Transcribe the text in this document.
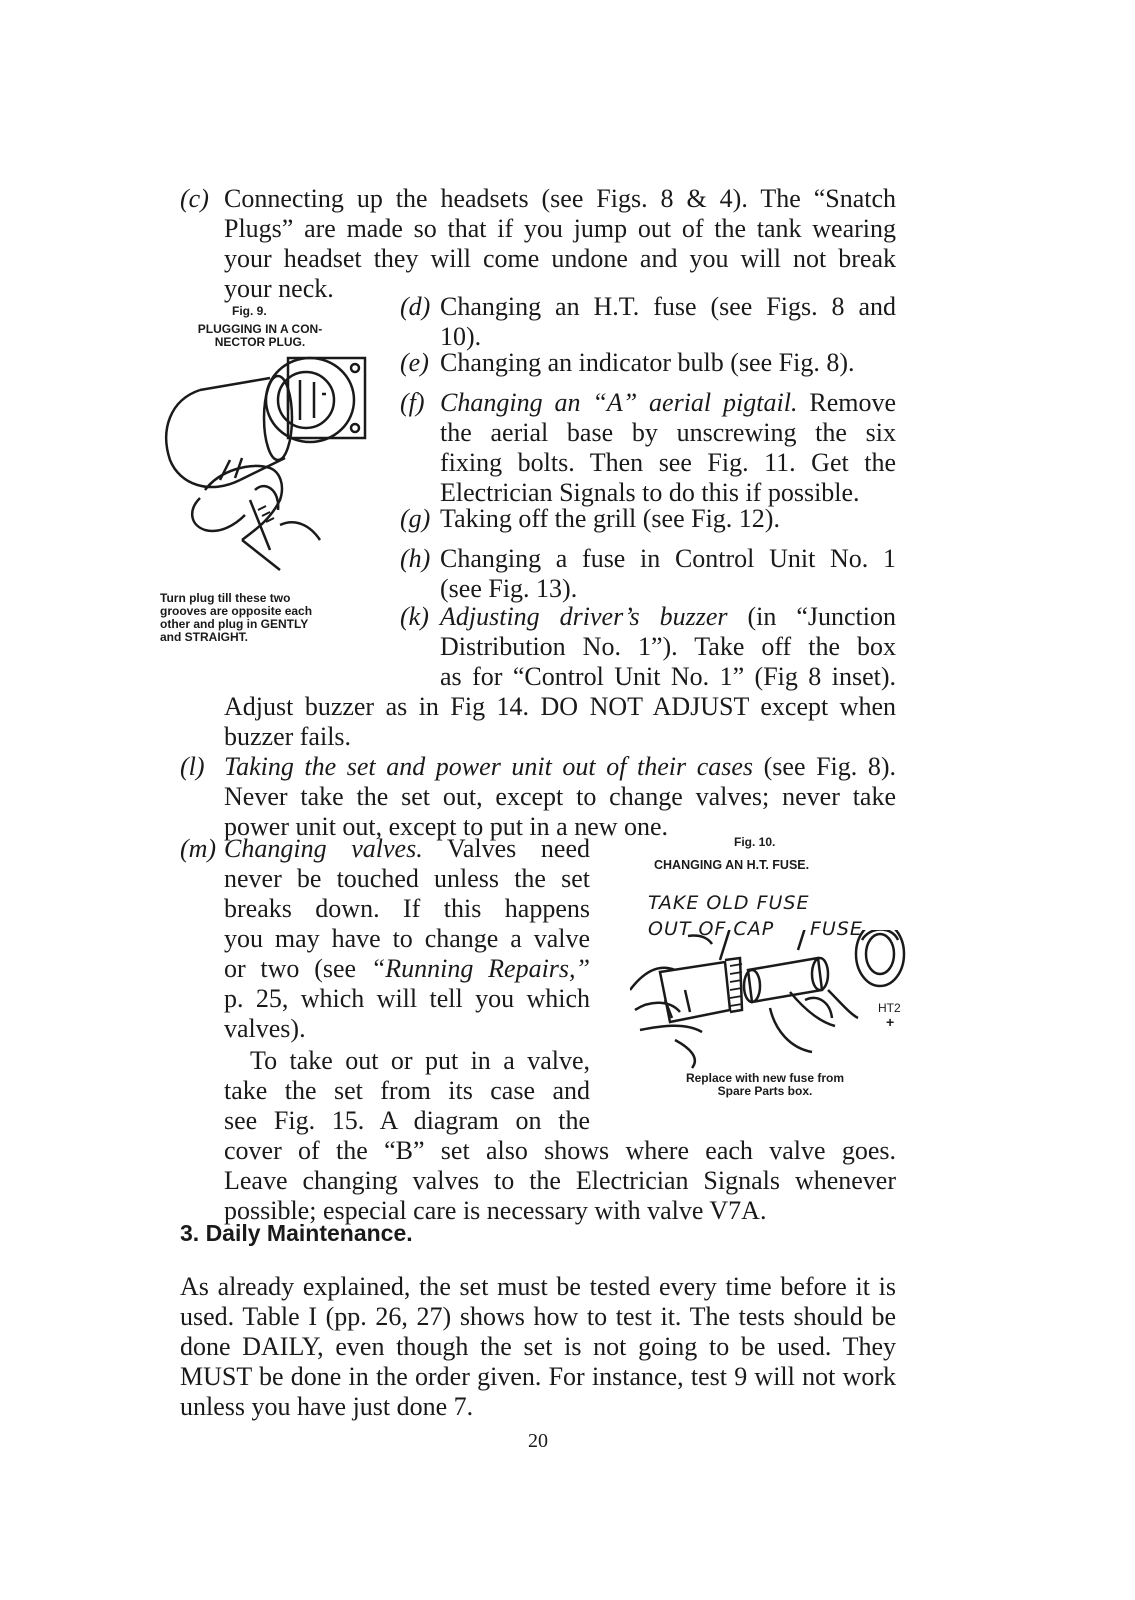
(c) Connecting up the headsets (see Figs. 8 & 4). The “Snatch
Plugs” are made so that if you jump out of the tank wearing
your headset they will come undone and you will not break
your neck.
Fig. 9.
PLUGGING IN A CON-
NECTOR PLUG.
Turn plug till these two
grooves are opposite each
other and plug in GENTLY
and STRAIGHT.
(d) Changing an H.T. fuse (see Figs. 8 and
10).
(e) Changing an indicator bulb (see Fig. 8).
(f) Changing an “A” aerial pigtail. Remove
the aerial base by unscrewing the six
fixing bolts. Then see Fig. 11. Get the
Electrician Signals to do this if possible.
(g) Taking off the grill (see Fig. 12).
(h) Changing a fuse in Control Unit No. 1
(see Fig. 13).
(k) Adjusting driver’s buzzer (in “Junction
Distribution No. 1”). Take off the box
as for “Control Unit No. 1” (Fig 8 inset).
Adjust buzzer as in Fig 14. DO NOT ADJUST except when
buzzer fails.
(l) Taking the set and power unit out of their cases (see Fig. 8).
Never take the set out, except to change valves; never take
power unit out, except to put in a new one.
(m) Changing valves. Valves need
never be touched unless the set
breaks down. If this happens
you may have to change a valve
or two (see “Running Repairs,”
p. 25, which will tell you which
valves).
To take out or put in a valve,
take the set from its case and
see Fig. 15. A diagram on the
cover of the “B” set also shows where each valve goes.
Leave changing valves to the Electrician Signals whenever
possible; especial care is necessary with valve V7A.
Fig. 10.
CHANGING AN H.T. FUSE.
TAKE OLD FUSE
OUT OF CAP FUSE
HT2
+
Replace with new fuse from
Spare Parts box.
3. Daily Maintenance.
As already explained, the set must be tested every time before it is
used. Table I (pp. 26, 27) shows how to test it. The tests should be
done DAILY, even though the set is not going to be used. They
MUST be done in the order given. For instance, test 9 will not work
unless you have just done 7.
20
